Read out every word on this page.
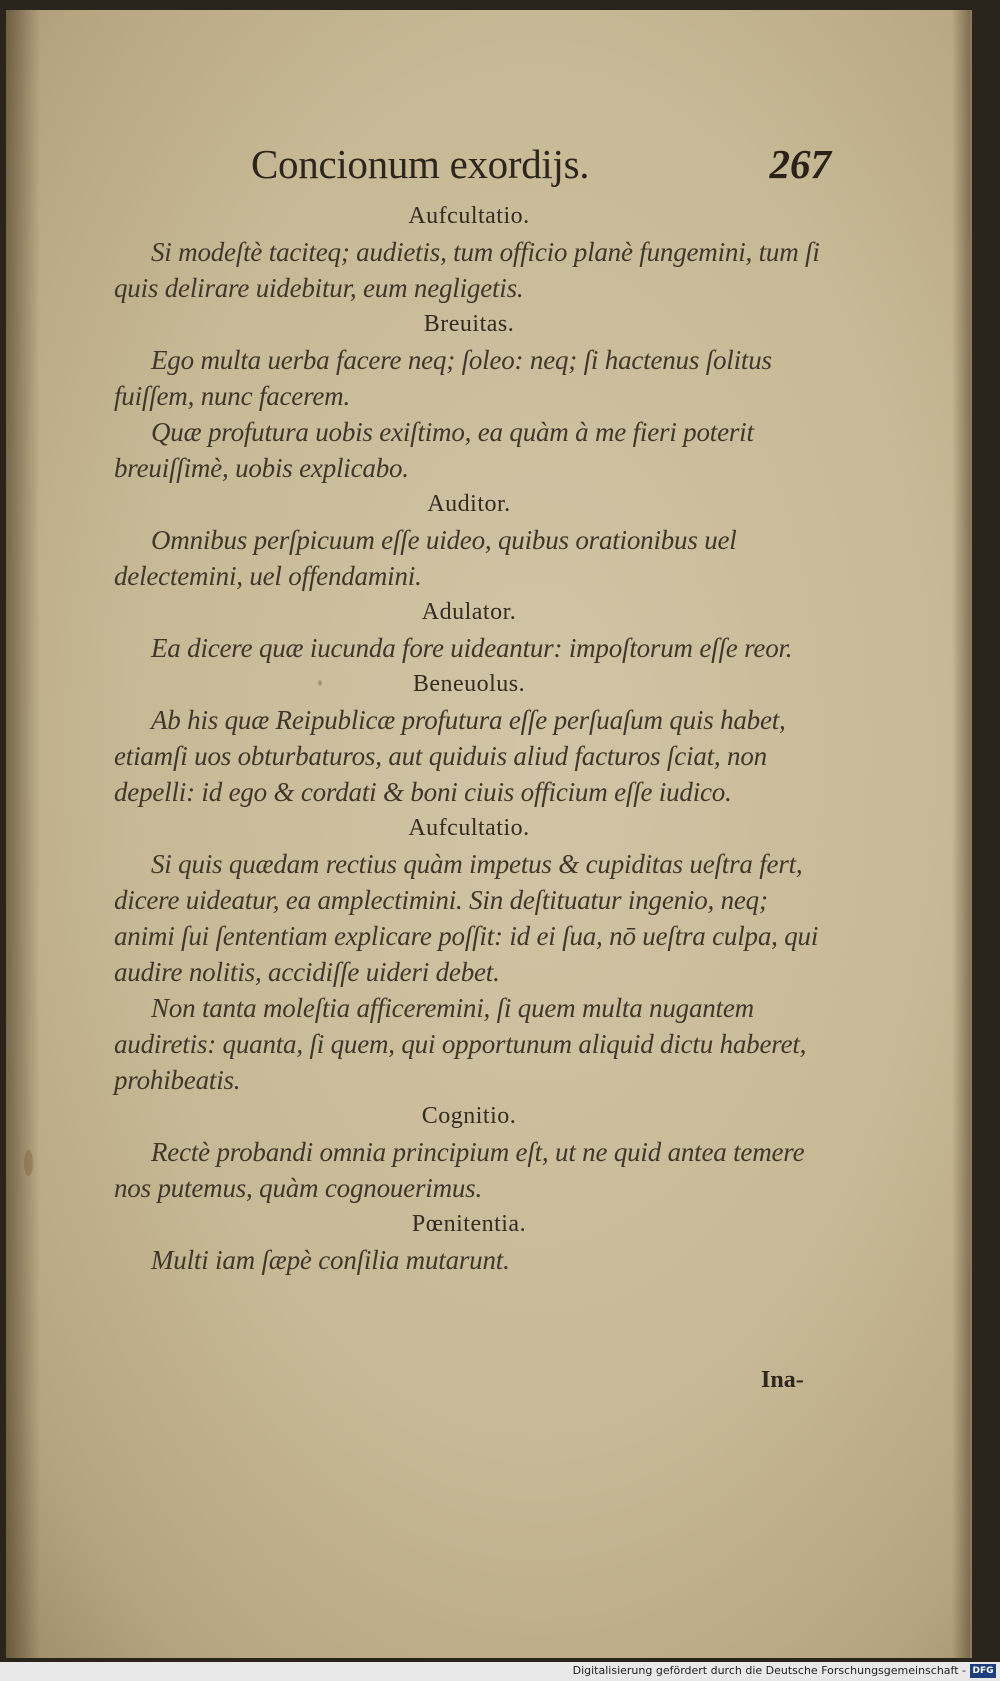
Concionum exordijs.	267
Aufcultatio.
Si modeſtè taciteq; audietis, tum officio planè fungemini, tum ſi quis delirare uidebitur, eum negligetis.
Breuitas.
Ego multa uerba facere neq; ſoleo: neq; ſi hactenus ſolitus fuiſſem, nunc facerem.
Quæ profutura uobis exiſtimo, ea quàm à me fieri poterit breuiſſimè, uobis explicabo.
Auditor.
Omnibus perſpicuum eſſe uideo, quibus orationibus uel delectemini, uel offendamini.
Adulator.
Ea dicere quæ iucunda fore uideantur: impoſtorum eſſe reor.
Beneuolus.
Ab his quæ Reipublicæ profutura eſſe perſuaſum quis habet, etiamſi uos obturbaturos, aut quiduis aliud facturos ſciat, non depelli: id ego & cordati & boni ciuis officium eſſe iudico.
Aufcultatio.
Si quis quædam rectius quàm impetus & cupiditas ueſtra fert, dicere uideatur, ea amplectimini. Sin deſtituatur ingenio, neq; animi ſui ſententiam explicare poſſit: id ei ſua, nō ueſtra culpa, qui audire nolitis, accidiſſe uideri debet.
Non tanta moleſtia afficeremini, ſi quem multa nugantem audiretis: quanta, ſi quem, qui opportunum aliquid dictu haberet, prohibeatis.
Cognitio.
Rectè probandi omnia principium eſt, ut ne quid antea temere nos putemus, quàm cognouerimus.
Pœnitentia.
Multi iam ſæpè conſilia mutarunt.
Ina-
Digitalisierung gefördert durch die Deutsche Forschungsgemeinschaft - DFG
